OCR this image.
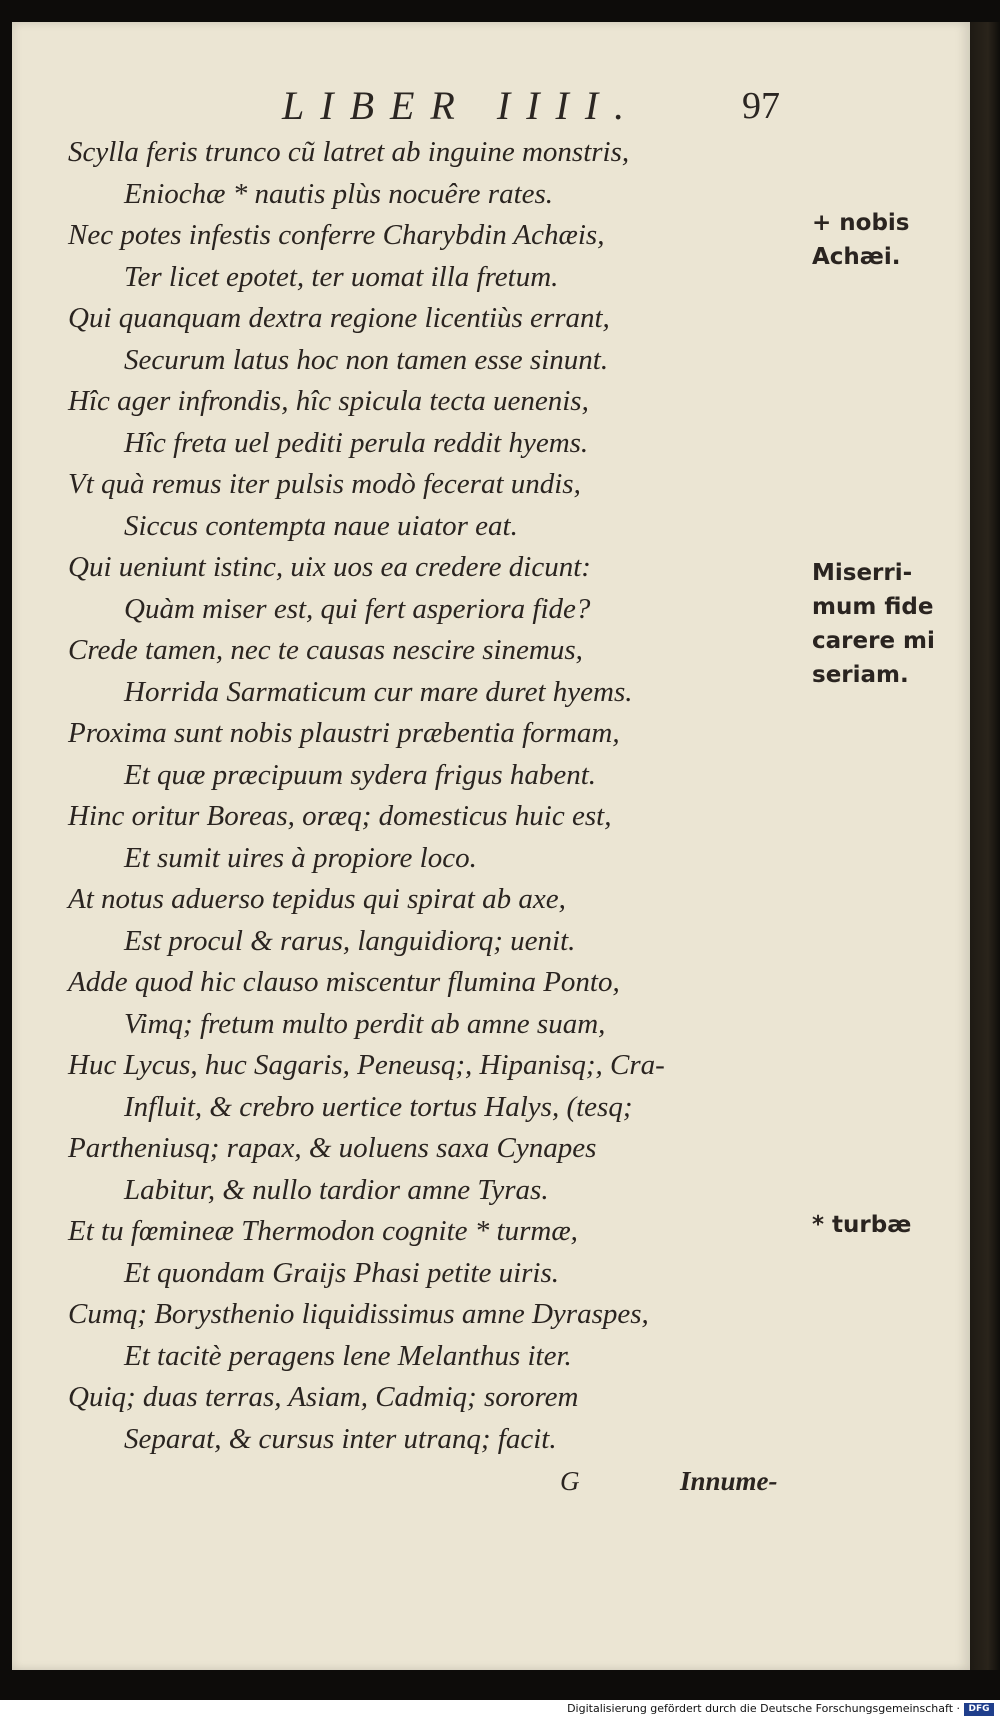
LIBER IIII.	97
Scylla feris trunco cũ latret ab inguine monstris,
Eniochæ * nautis plùs nocuêre rates.
Nec potes infestis conferre Charybdin Achæis,
Ter licet epotet, ter uomat illa fretum.
Qui quanquam dextra regione licentiùs errant,
Securum latus hoc non tamen esse sinunt.
Hîc ager infrondis, hîc spicula tecta uenenis,
Hîc freta uel pediti perula reddit hyems.
Vt quà remus iter pulsis modò fecerat undis,
Siccus contempta naue uiator eat.
Qui ueniunt istinc, uix uos ea credere dicunt:
Quàm miser est, qui fert asperiora fide?
Crede tamen, nec te causas nescire sinemus,
Horrida Sarmaticum cur mare duret hyems.
Proxima sunt nobis plaustri præbentia formam,
Et quæ præcipuum sydera frigus habent.
Hinc oritur Boreas, oræq; domesticus huic est,
Et sumit uires à propiore loco.
At notus aduerso tepidus qui spirat ab axe,
Est procul & rarus, languidiorq; uenit.
Adde quod hic clauso miscentur flumina Ponto,
Vimq; fretum multo perdit ab amne suam,
Huc Lycus, huc Sagaris, Peneusq;, Hipanisq;, Cra-
Influit, & crebro uertice tortus Halys, (tesq;
Partheniusq; rapax, & uoluens saxa Cynapes
Labitur, & nullo tardior amne Tyras.
Et tu fœmineæ Thermodon cognite * turmæ,
Et quondam Graijs Phasi petite uiris.
Cumq; Borysthenio liquidissimus amne Dyraspes,
Et tacitè peragens lene Melanthus iter.
Quiq; duas terras, Asiam, Cadmiq; sororem
Separat, & cursus inter utranq; facit.
+ nobis
Achæi.
Miserri-
mum fide
carere mi
seriam.
* turbæ
G	Innume-
Digitalisierung gefördert durch die Deutsche Forschungsgemeinschaft · DFG
